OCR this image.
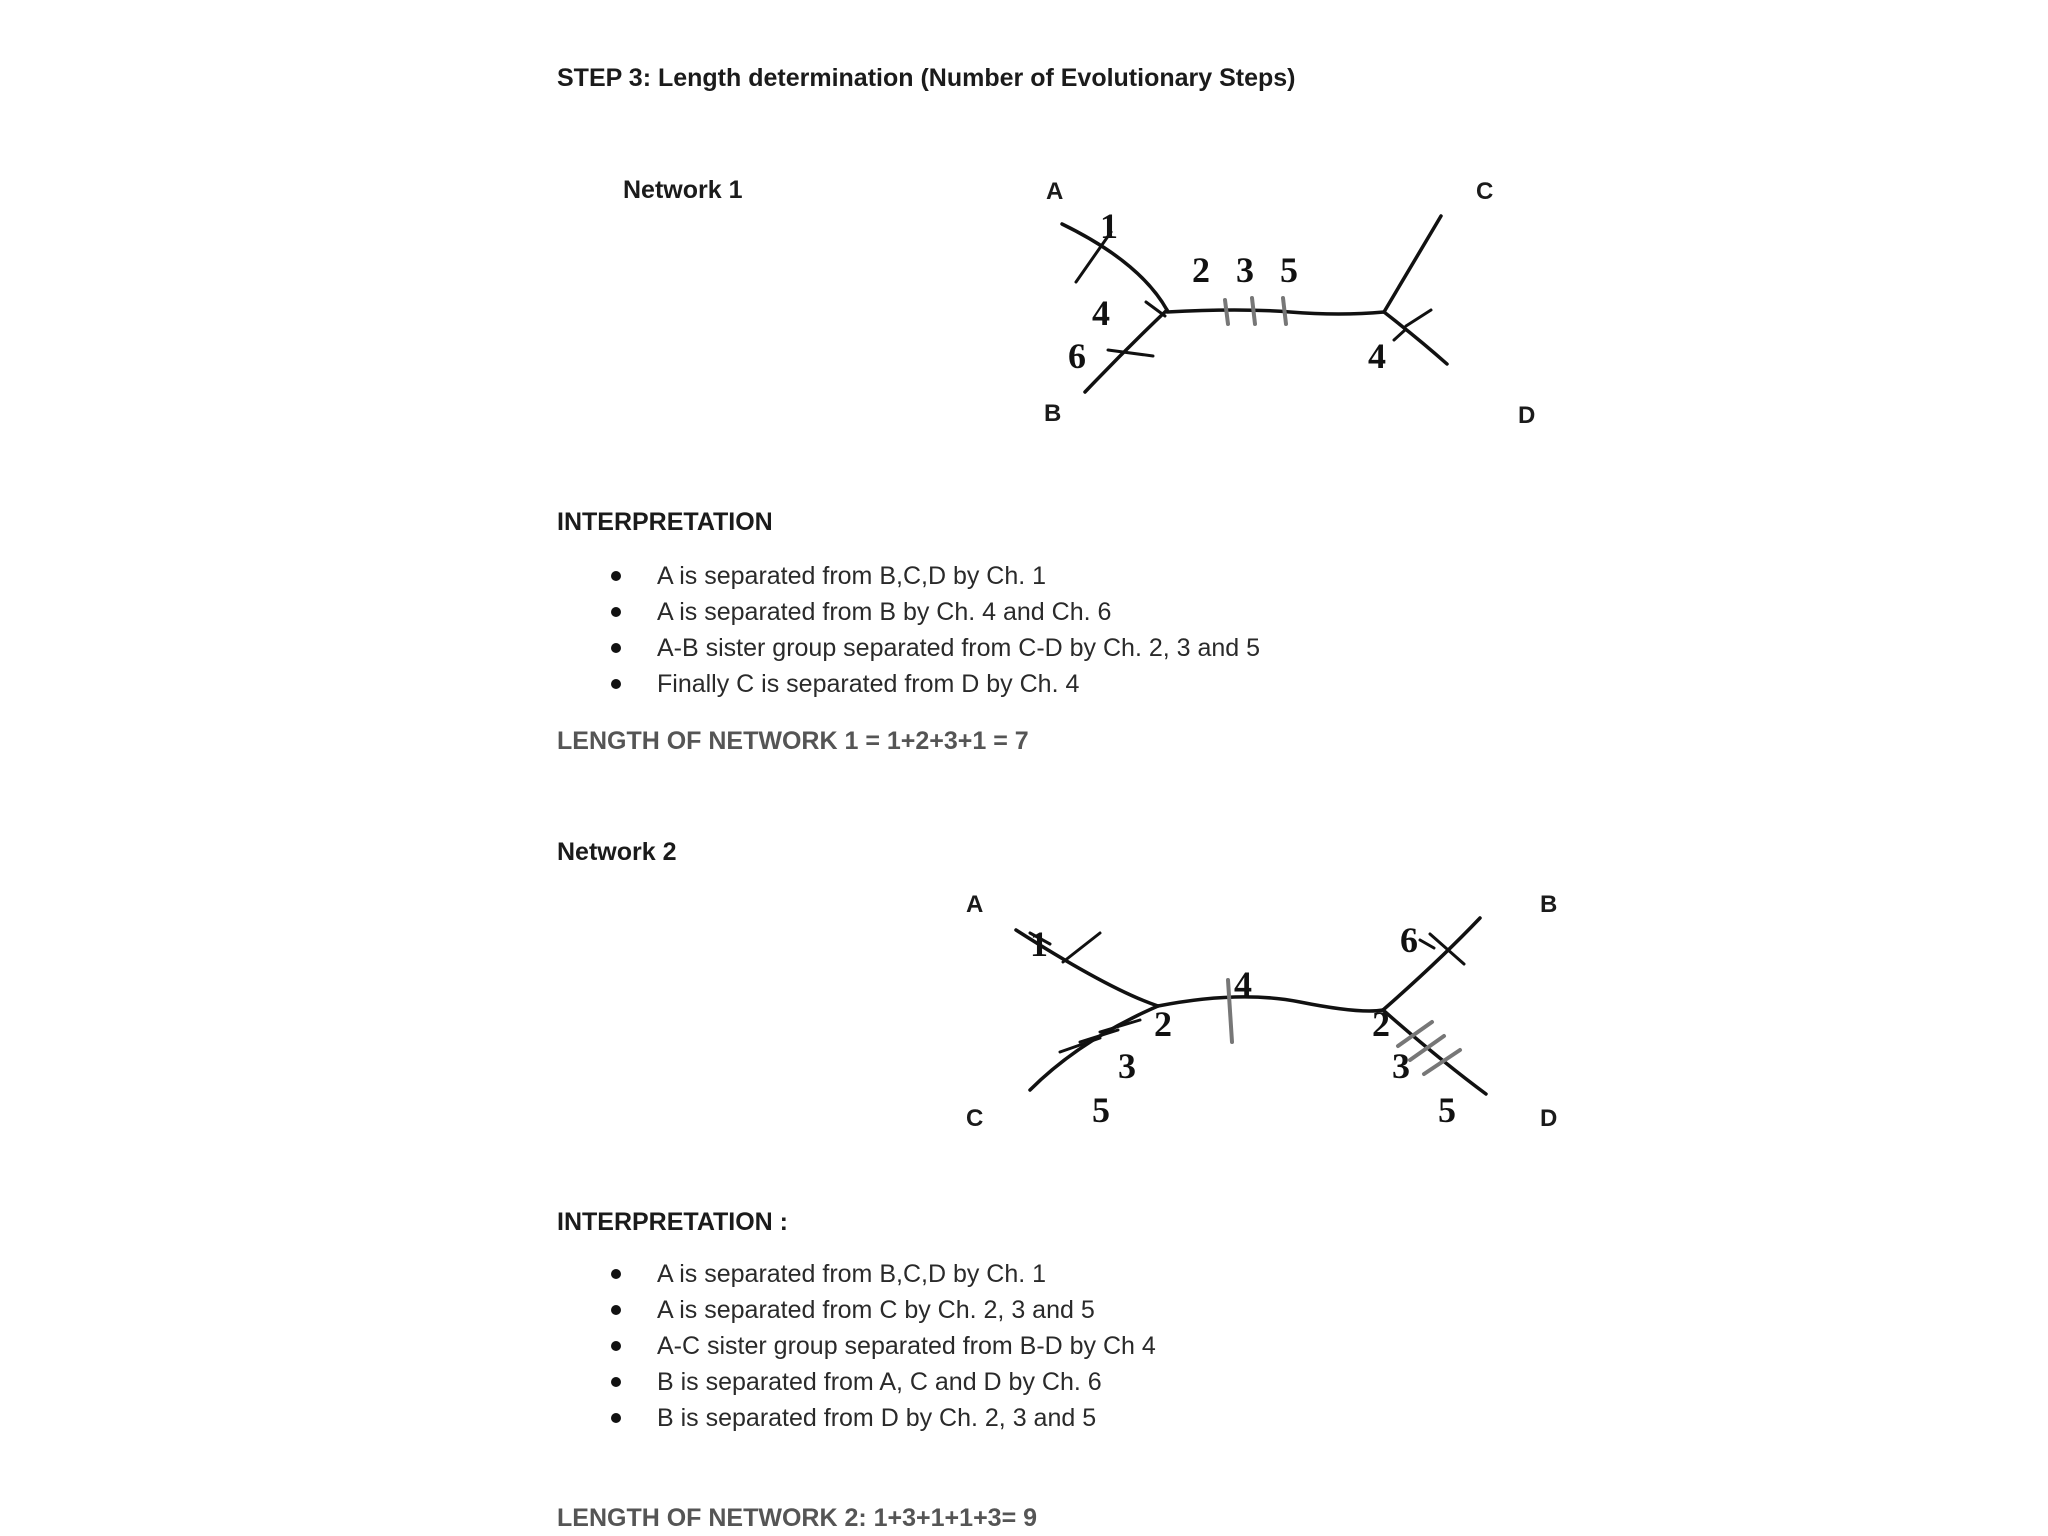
STEP 3: Length determination (Number of Evolutionary Steps)
Network 1	A
B
C
D
1
2 3 5
4
6	4
INTERPRETATION
A is separated from B,C,D by Ch. 1
A is separated from B by Ch. 4 and Ch. 6
A-B sister group separated from C-D by Ch. 2, 3 and 5
Finally C is separated from D by Ch. 4
LENGTH OF NETWORK 1 = 1+2+3+1 = 7
Network 2
A	B
C	D
1
4
6
2
3
5
2
3
5
INTERPRETATION :
A is separated from B,C,D by Ch. 1
A is separated from C by Ch. 2, 3 and 5
A-C sister group separated from B-D by Ch 4
B is separated from A, C and D by Ch. 6
B is separated from D by Ch. 2, 3 and 5
LENGTH OF NETWORK 2: 1+3+1+1+3= 9
